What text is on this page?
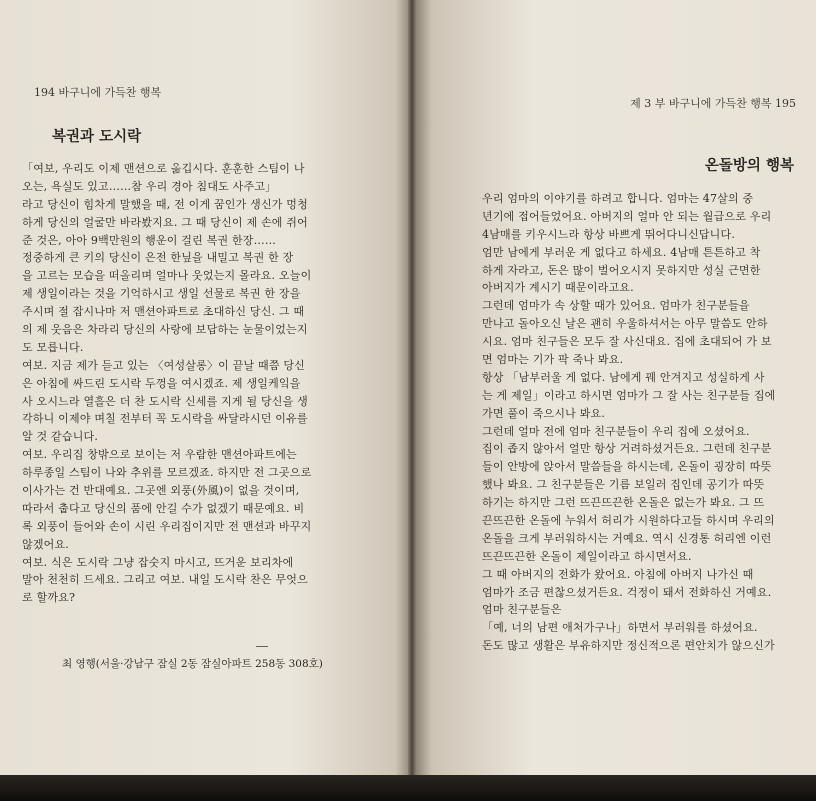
194 바구니에 가득찬 행복
복권과 도시락
「여보, 우리도 이제 맨션으로 옮깁시다. 훈훈한 스팀이 나
오는, 욕실도 있고……참 우리 경아 침대도 사주고」
라고 당신이 힘차게 말했을 때, 전 이게 꿈인가 생신가 멍청
하게 당신의 얼굴만 바라봤지요. 그 때 당신이 제 손에 쥐어
준 것은, 아아 9백만원의 행운이 걸린 복권 한장……
정중하게 큰 키의 당신이 은전 한닢을 내밀고 복권 한 장
을 고르는 모습을 떠올리며 얼마나 웃었는지 몰라요. 오늘이
제 생일이라는 것을 기억하시고 생일 선물로 복권 한 장을
주시며 절 잡시나마 저 맨션아파트로 초대하신 당신. 그 때
의 제 웃음은 차라리 당신의 사랑에 보답하는 눈물이었는지
도 모릅니다.
여보. 지금 제가 듣고 있는 〈여성살롱〉이 끝날 때쯤 당신
은 아침에 싸드린 도시락 두껑을 여시겠죠. 제 생일케잌을
사 오시느라 열흘은 더 찬 도시락 신세를 지게 될 당신을 생
각하니 이제야 며칠 전부터 꼭 도시락을 싸달라시던 이유를
알 것 같습니다.
여보. 우리집 창밖으로 보이는 저 우람한 맨션아파트에는
하루종일 스팀이 나와 추위를 모르겠죠. 하지만 전 그곳으로
이사가는 건 반대예요. 그곳엔 외풍(外風)이 없을 것이며,
따라서 춥다고 당신의 품에 안길 수가 없겠기 때문예요. 비
록 외풍이 들어와 손이 시린 우리집이지만 전 맨션과 바꾸지
않겠어요.
여보. 식은 도시락 그냥 잡숫지 마시고, 뜨거운 보리차에
말아 천천히 드세요. 그리고 여보. 내일 도시락 찬은 무엇으
로 할까요?
최 영행(서울·강남구 잠실 2동 잠실아파트 258동 308호)
제 3 부 바구니에 가득찬 행복 195
온돌방의 행복
우리 엄마의 이야기를 하려고 합니다. 엄마는 47살의 중
년기에 접어들었어요. 아버지의 얼마 안 되는 월급으로 우리
4남매를 키우시느라 항상 바쁘게 뛰어다니신답니다.
엄만 남에게 부러운 게 없다고 하세요. 4남매 튼튼하고 착
하게 자라고, 돈은 많이 벌어오시지 못하지만 성실 근면한
아버지가 계시기 때문이라고요.
그런데 엄마가 속 상할 때가 있어요. 엄마가 친구분들을
만나고 돌아오신 날은 괜히 우울하셔서는 아무 말씀도 안하
시요. 엄마 친구들은 모두 잘 사신대요. 집에 초대되어 가 보
면 엄마는 기가 팍 죽나 봐요.
항상 「남부러울 게 없다. 남에게 꿰 안겨지고 성실하게 사
는 게 제일」이라고 하시면 엄마가 그 잘 사는 친구분들 집에
가면 풀이 죽으시나 봐요.
그런데 얼마 전에 엄마 친구분들이 우리 집에 오셨어요.
집이 좁지 않아서 얼만 항상 거려하셨거든요. 그런데 친구분
들이 안방에 앉아서 말씀들을 하시는데, 온돌이 굉장히 따뜻
했나 봐요. 그 친구분들은 기름 보일러 집인데 공기가 따뜻
하기는 하지만 그런 뜨끈뜨끈한 온돌은 없는가 봐요. 그 뜨
끈뜨끈한 온돌에 누워서 허리가 시원하다고들 하시며 우리의
온돌을 크게 부러워하시는 거예요. 역시 신경통 허리엔 이런
뜨끈뜨끈한 온돌이 제일이라고 하시면서요.
그 때 아버지의 전화가 왔어요. 아침에 아버지 나가신 때
엄마가 조금 편찮으셨거든요. 걱정이 돼서 전화하신 거예요.
엄마 친구분들은
「예, 너의 남편 애처가구나」하면서 부러워를 하셨어요.
돈도 많고 생활은 부유하지만 정신적으론 편안치가 않으신가
